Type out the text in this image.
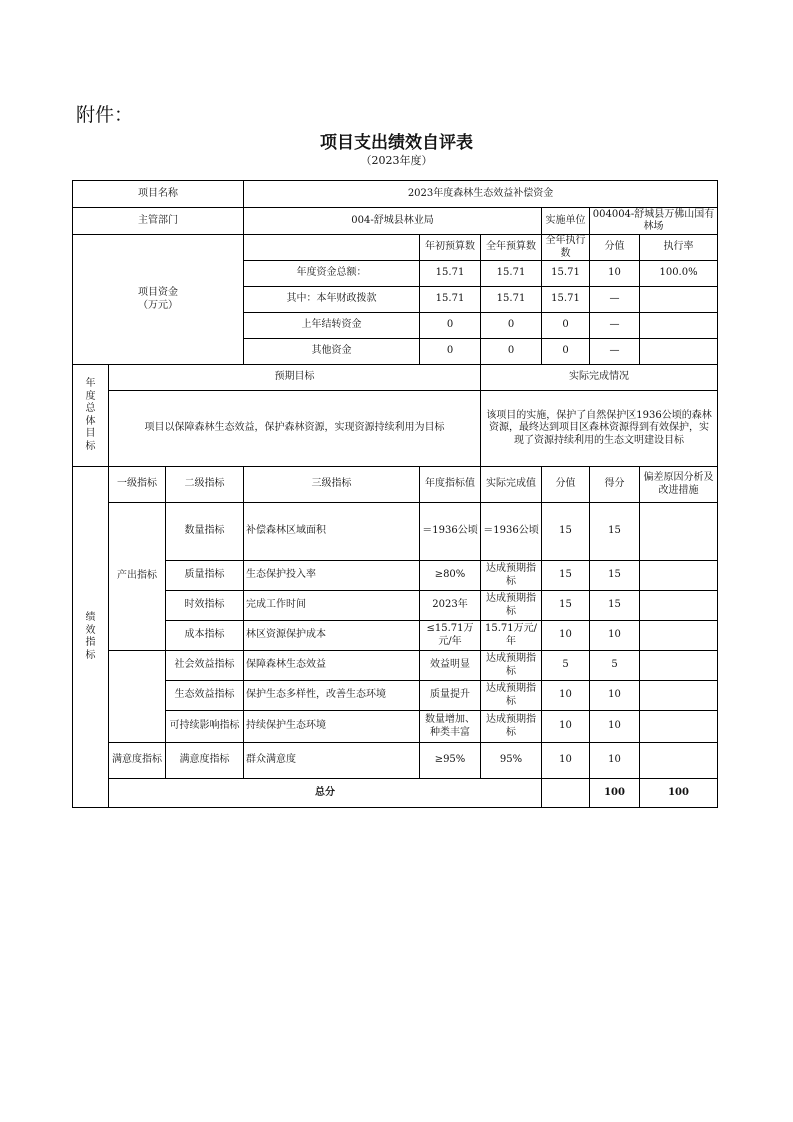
附件：
项目支出绩效自评表
（2023年度）
项目名称			2023年度森林生态效益补偿资金						
主管部门			004-舒城县林业局			实施单位	004004-舒城县万佛山国有林场		
项目资金
（万元）				年初预算数	全年预算数	全年执行数	分值	执行率	
			年度资金总额：	15.71	15.71	15.71	10	100.0%	
			其中：本年财政拨款	15.71	15.71	15.71	—		
			上年结转资金	0	0	0	—		
			其他资金	0	0	0	—		
年度总体目标	预期目标				实际完成情况				
	项目以保障森林生态效益，保护森林资源，实现资源持续利用为目标				该项目的实施，保护了自然保护区1936公顷的森林资源，最终达到项目区森林资源得到有效保护，实现了资源持续利用的生态文明建设目标				
绩效指标	一级指标	二级指标	三级指标	年度指标值	实际完成值	分值	得分	偏差原因分析及改进措施	
	产出指标	数量指标	补偿森林区域面积	＝1936公顷	＝1936公顷	15	15		
		质量指标	生态保护投入率	≥80%	达成预期指标	15	15		
		时效指标	完成工作时间	2023年	达成预期指标	15	15		
		成本指标	林区资源保护成本	≤15.71万元/年	15.71万元/年	10	10		
		社会效益指标	保障森林生态效益	效益明显	达成预期指标	5	5		
		生态效益指标	保护生态多样性，改善生态环境	质量提升	达成预期指标	10	10		
		可持续影响指标	持续保护生态环境	数量增加、种类丰富	达成预期指标	10	10		
	满意度指标	满意度指标	群众满意度	≥95%	95%	10	10		
	总分						100	100	
